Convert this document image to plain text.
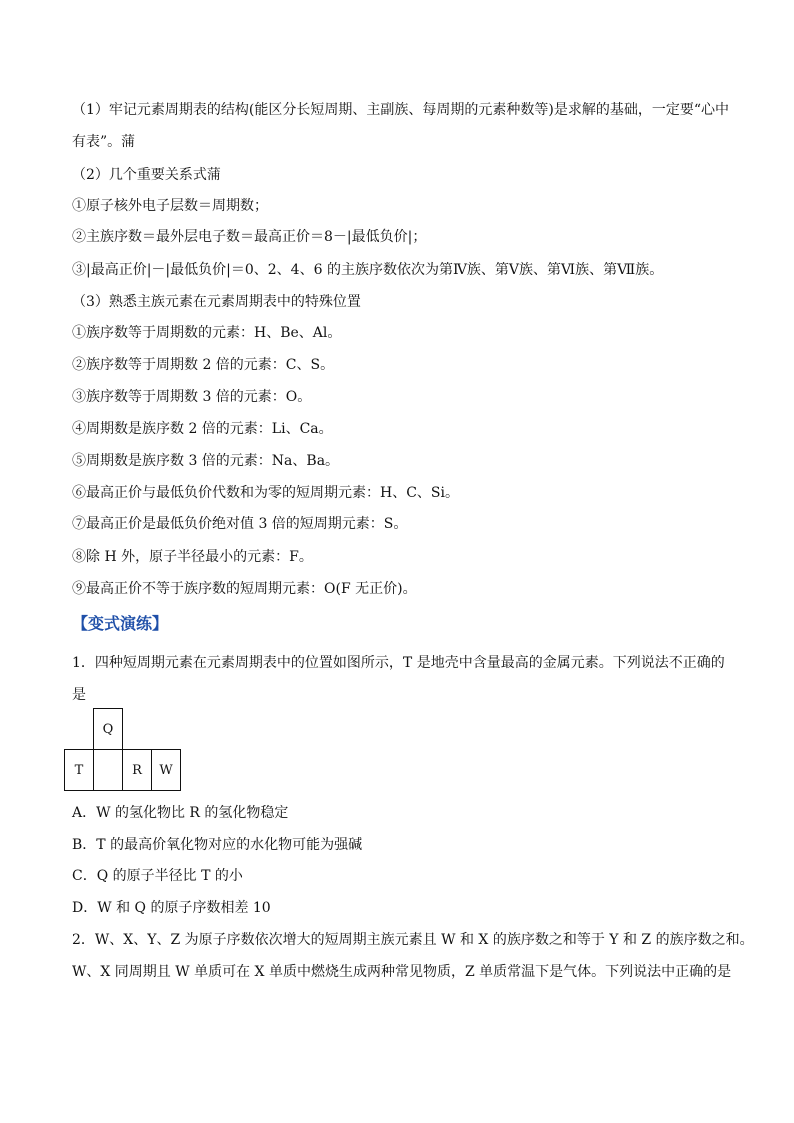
（1）牢记元素周期表的结构(能区分长短周期、主副族、每周期的元素种数等)是求解的基础，一定要“心中
有表”。蒲
（2）几个重要关系式蒲
①原子核外电子层数＝周期数；
②主族序数＝最外层电子数＝最高正价＝8－|最低负价|；
③|最高正价|－|最低负价|＝0、2、4、6 的主族序数依次为第Ⅳ族、第Ⅴ族、第Ⅵ族、第Ⅶ族。
（3）熟悉主族元素在元素周期表中的特殊位置
①族序数等于周期数的元素：H、Be、Al。
②族序数等于周期数 2 倍的元素：C、S。
③族序数等于周期数 3 倍的元素：O。
④周期数是族序数 2 倍的元素：Li、Ca。
⑤周期数是族序数 3 倍的元素：Na、Ba。
⑥最高正价与最低负价代数和为零的短周期元素：H、C、Si。
⑦最高正价是最低负价绝对值 3 倍的短周期元素：S。
⑧除 H 外，原子半径最小的元素：F。
⑨最高正价不等于族序数的短周期元素：O(F 无正价)。
【变式演练】
1．四种短周期元素在元素周期表中的位置如图所示，T 是地壳中含量最高的金属元素。下列说法不正确的
是
	Q		
T		R	W
A．W 的氢化物比 R 的氢化物稳定
B．T 的最高价氧化物对应的水化物可能为强碱
C．Q 的原子半径比 T 的小
D．W 和 Q 的原子序数相差 10
2．W、X、Y、Z 为原子序数依次增大的短周期主族元素且 W 和 X 的族序数之和等于 Y 和 Z 的族序数之和。
W、X 同周期且 W 单质可在 X 单质中燃烧生成两种常见物质，Z 单质常温下是气体。下列说法中正确的是
